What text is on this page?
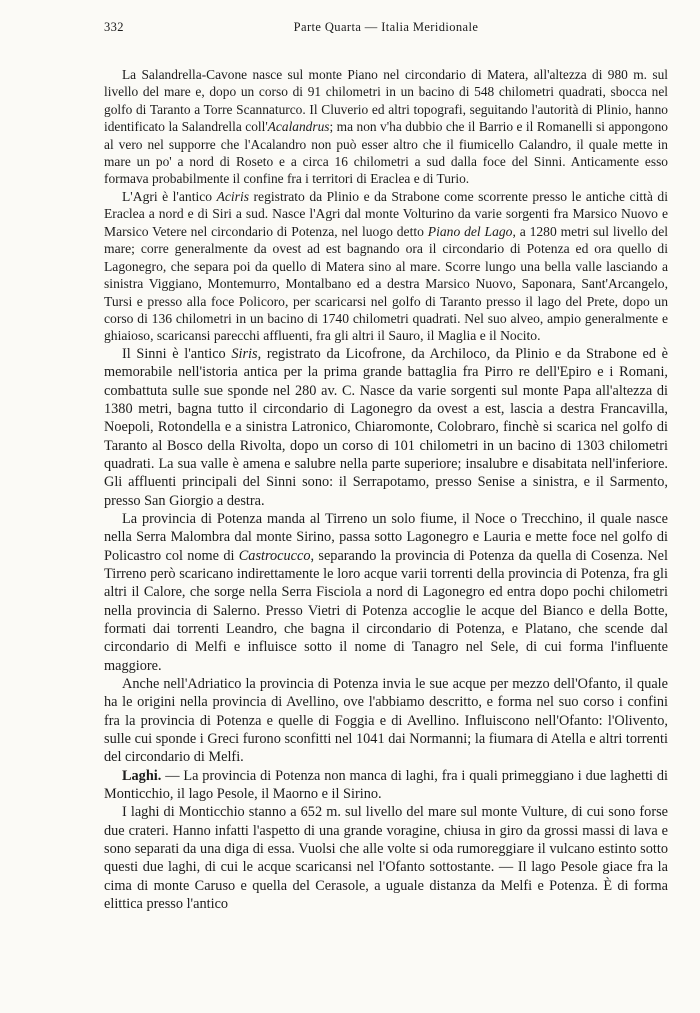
332	Parte Quarta — Italia Meridionale

La Salandrella-Cavone nasce sul monte Piano nel circondario di Matera, all'altezza di 980 m. sul livello del mare e, dopo un corso di 91 chilometri in un bacino di 548 chilometri quadrati, sbocca nel golfo di Taranto a Torre Scannaturco. Il Cluverio ed altri topografi, seguitando l'autorità di Plinio, hanno identificato la Salandrella coll'Acalandrus; ma non v'ha dubbio che il Barrio e il Romanelli si appongono al vero nel supporre che l'Acalandro non può esser altro che il fiumicello Calandro, il quale mette in mare un po' a nord di Roseto e a circa 16 chilometri a sud dalla foce del Sinni. Anticamente esso formava probabilmente il confine fra i territori di Eraclea e di Turio.

L'Agri è l'antico Aciris registrato da Plinio e da Strabone come scorrente presso le antiche città di Eraclea a nord e di Siri a sud. Nasce l'Agri dal monte Volturino da varie sorgenti fra Marsico Nuovo e Marsico Vetere nel circondario di Potenza, nel luogo detto Piano del Lago, a 1280 metri sul livello del mare; corre generalmente da ovest ad est bagnando ora il circondario di Potenza ed ora quello di Lagonegro, che separa poi da quello di Matera sino al mare. Scorre lungo una bella valle lasciando a sinistra Viggiano, Montemurro, Montalbano ed a destra Marsico Nuovo, Saponara, Sant'Arcangelo, Tursi e presso alla foce Policoro, per scaricarsi nel golfo di Taranto presso il lago del Prete, dopo un corso di 136 chilometri in un bacino di 1740 chilometri quadrati. Nel suo alveo, ampio generalmente e ghiaioso, scaricansi parecchi affluenti, fra gli altri il Sauro, il Maglia e il Nocito.

Il Sinni è l'antico Siris, registrato da Licofrone, da Archiloco, da Plinio e da Strabone ed è memorabile nell'istoria antica per la prima grande battaglia fra Pirro re dell'Epiro e i Romani, combattuta sulle sue sponde nel 280 av. C. Nasce da varie sorgenti sul monte Papa all'altezza di 1380 metri, bagna tutto il circondario di Lagonegro da ovest a est, lascia a destra Francavilla, Noepoli, Rotondella e a sinistra Latronico, Chiaromonte, Colobraro, finchè si scarica nel golfo di Taranto al Bosco della Rivolta, dopo un corso di 101 chilometri in un bacino di 1303 chilometri quadrati. La sua valle è amena e salubre nella parte superiore; insalubre e disabitata nell'inferiore. Gli affluenti principali del Sinni sono: il Serrapotamo, presso Senise a sinistra, e il Sarmento, presso San Giorgio a destra.

La provincia di Potenza manda al Tirreno un solo fiume, il Noce o Trecchino, il quale nasce nella Serra Malombra dal monte Sirino, passa sotto Lagonegro e Lauria e mette foce nel golfo di Policastro col nome di Castrocucco, separando la provincia di Potenza da quella di Cosenza. Nel Tirreno però scaricano indirettamente le loro acque varii torrenti della provincia di Potenza, fra gli altri il Calore, che sorge nella Serra Fisciola a nord di Lagonegro ed entra dopo pochi chilometri nella provincia di Salerno. Presso Vietri di Potenza accoglie le acque del Bianco e della Botte, formati dai torrenti Leandro, che bagna il circondario di Potenza, e Platano, che scende dal circondario di Melfi e influisce sotto il nome di Tanagro nel Sele, di cui forma l'influente maggiore.

Anche nell'Adriatico la provincia di Potenza invia le sue acque per mezzo dell'Ofanto, il quale ha le origini nella provincia di Avellino, ove l'abbiamo descritto, e forma nel suo corso i confini fra la provincia di Potenza e quelle di Foggia e di Avellino. Influiscono nell'Ofanto: l'Olivento, sulle cui sponde i Greci furono sconfitti nel 1041 dai Normanni; la fiumara di Atella e altri torrenti del circondario di Melfi.

Laghi. — La provincia di Potenza non manca di laghi, fra i quali primeggiano i due laghetti di Monticchio, il lago Pesole, il Maorno e il Sirino.

I laghi di Monticchio stanno a 652 m. sul livello del mare sul monte Vulture, di cui sono forse due crateri. Hanno infatti l'aspetto di una grande voragine, chiusa in giro da grossi massi di lava e sono separati da una diga di essa. Vuolsi che alle volte si oda rumoreggiare il vulcano estinto sotto questi due laghi, di cui le acque scaricansi nel l'Ofanto sottostante. — Il lago Pesole giace fra la cima di monte Caruso e quella del Cerasole, a uguale distanza da Melfi e Potenza. È di forma elittica presso l'antico
